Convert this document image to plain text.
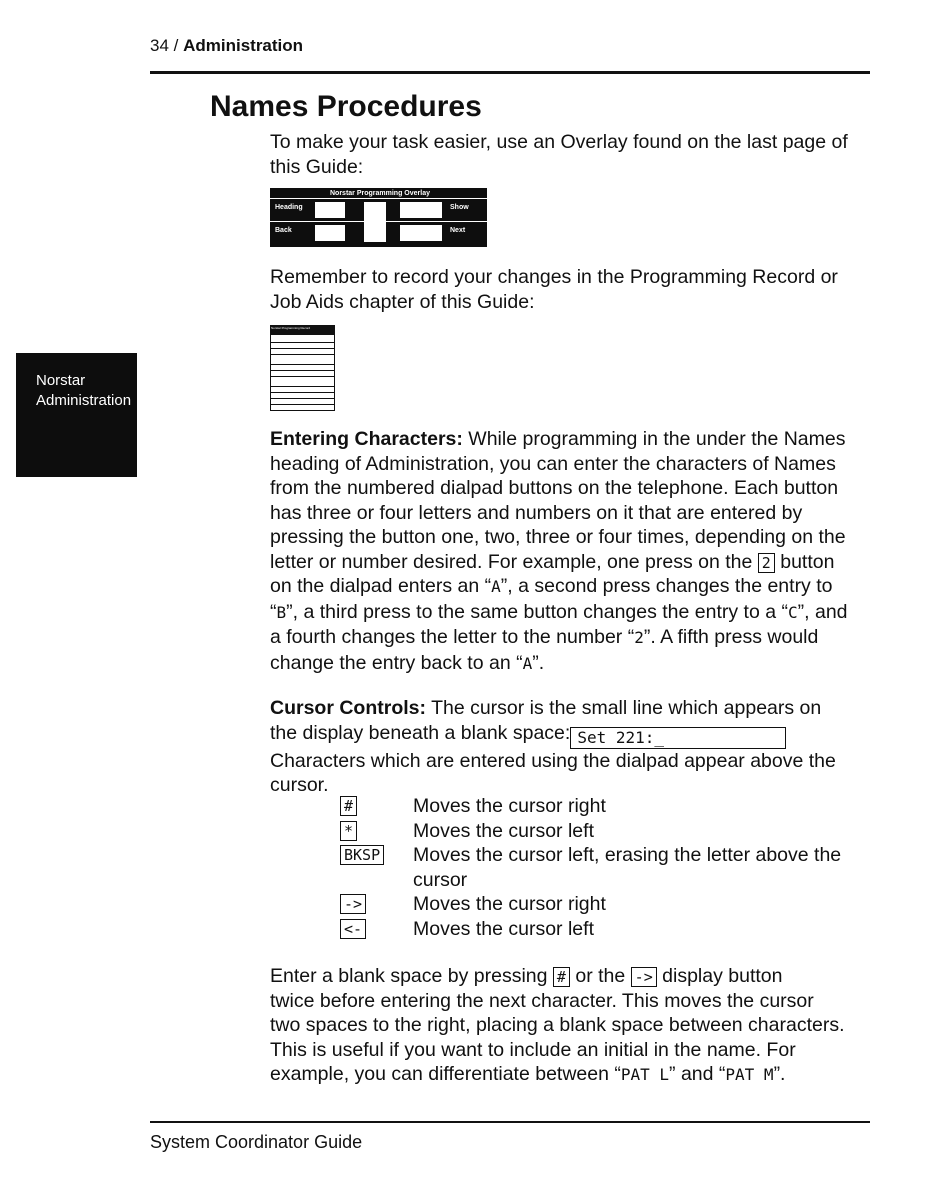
34 / Administration
Norstar
Administration
Names Procedures
To make your task easier, use an Overlay found on the last page of
this Guide:
Norstar Programming Overlay
Heading
Back
Show
Next
Remember to record your changes in the Programming Record or
Job Aids chapter of this Guide:
Norstar Programming Record
Entering Characters: While programming in the under the Names
heading of Administration, you can enter the characters of Names
from the numbered dialpad buttons on the telephone. Each button
has three or four letters and numbers on it that are entered by
pressing the button one, two, three or four times, depending on the
letter or number desired. For example, one press on the 2 button
on the dialpad enters an “A”, a second press changes the entry to
“B”, a third press to the same button changes the entry to a “C”, and
a fourth changes the letter to the number “2”. A fifth press would
change the entry back to an “A”.
Cursor Controls: The cursor is the small line which appears on
the display beneath a blank space: Set 221:_
Characters which are entered using the dialpad appear above the
cursor.
#	Moves the cursor right
*	Moves the cursor left
BKSP Moves the cursor left, erasing the letter above the
cursor
->	Moves the cursor right
<-	Moves the cursor left
Enter a blank space by pressing # or the -> display button
twice before entering the next character. This moves the cursor
two spaces to the right, placing a blank space between characters.
This is useful if you want to include an initial in the name. For
example, you can differentiate between “PAT L” and “PAT M”.
System Coordinator Guide
